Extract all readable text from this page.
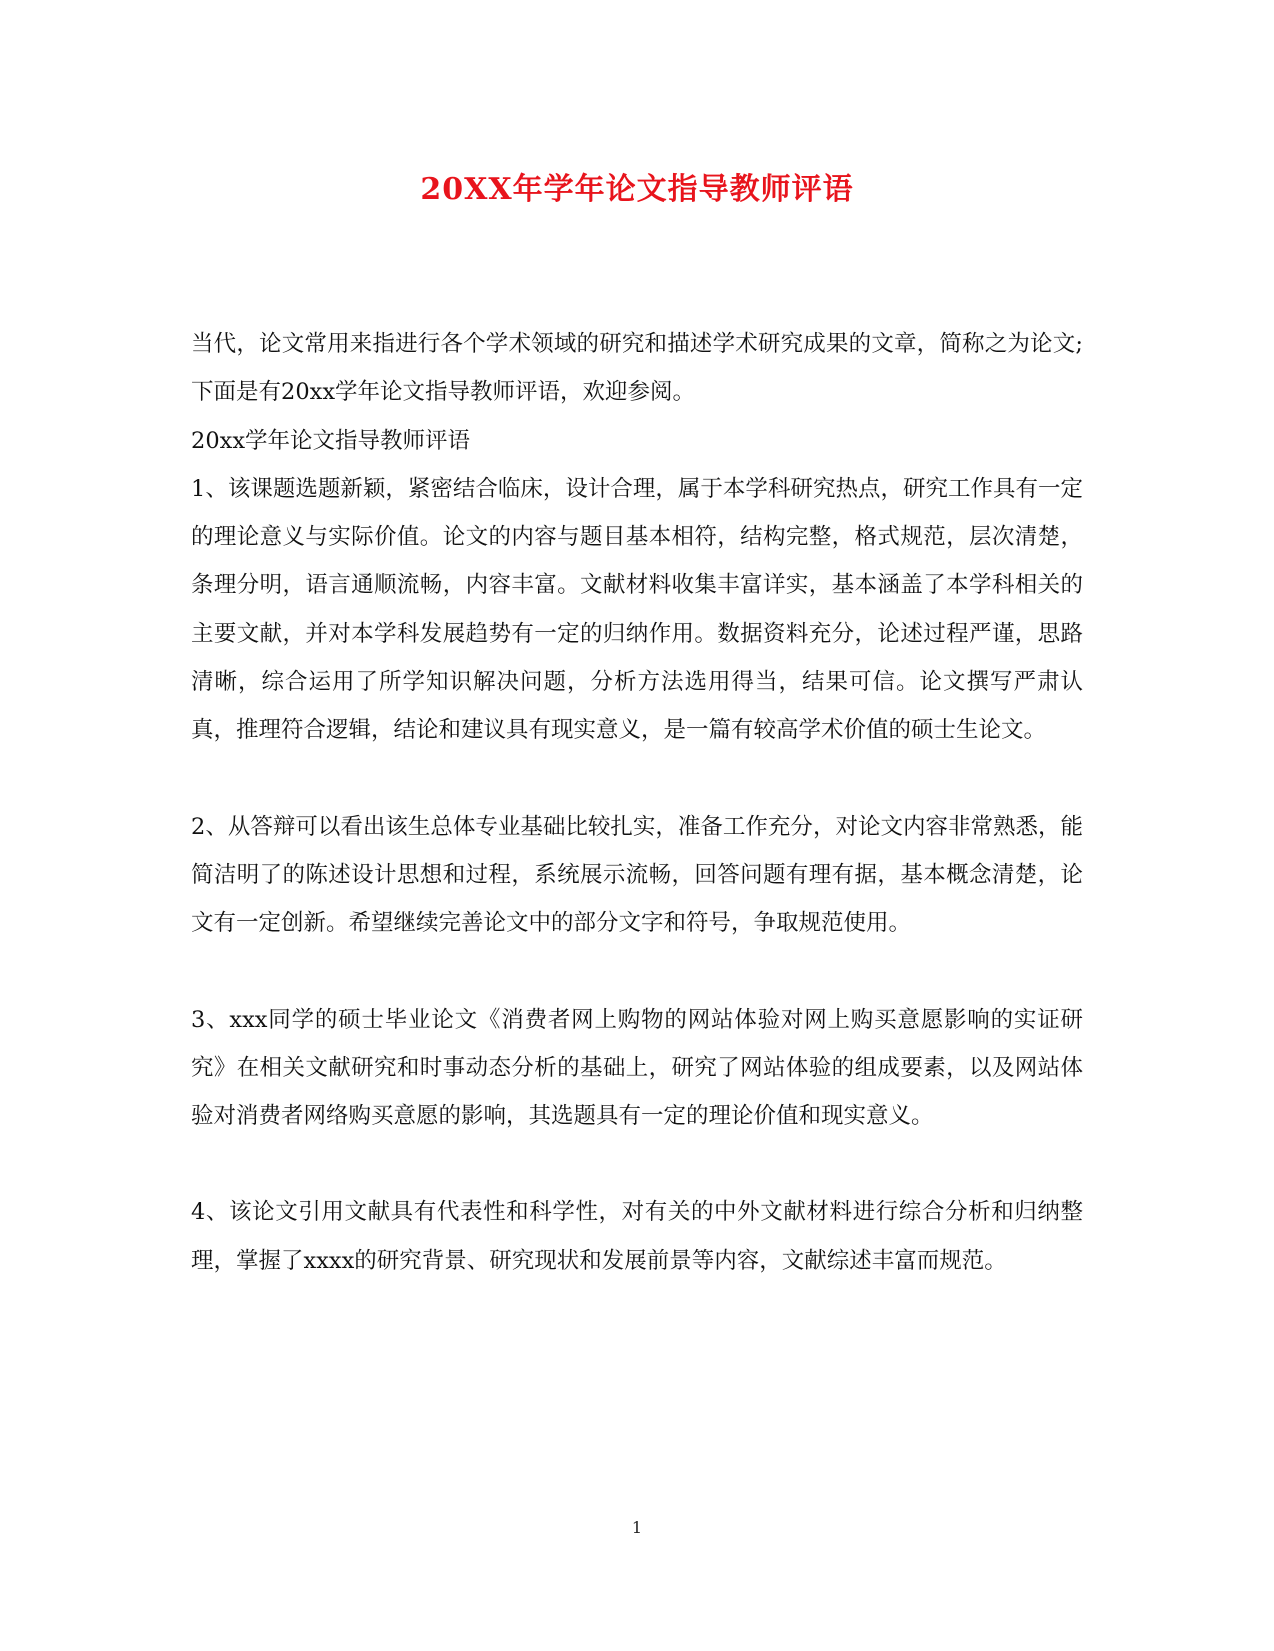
20XX年学年论文指导教师评语

当代，论文常用来指进行各个学术领域的研究和描述学术研究成果的文章，简称之为论文;下面是有20xx学年论文指导教师评语，欢迎参阅。

20xx学年论文指导教师评语

1、该课题选题新颖，紧密结合临床，设计合理，属于本学科研究热点，研究工作具有一定的理论意义与实际价值。论文的内容与题目基本相符，结构完整，格式规范，层次清楚，条理分明，语言通顺流畅，内容丰富。文献材料收集丰富详实，基本涵盖了本学科相关的主要文献，并对本学科发展趋势有一定的归纳作用。数据资料充分，论述过程严谨，思路清晰，综合运用了所学知识解决问题，分析方法选用得当，结果可信。论文撰写严肃认真，推理符合逻辑，结论和建议具有现实意义，是一篇有较高学术价值的硕士生论文。

2、从答辩可以看出该生总体专业基础比较扎实，准备工作充分，对论文内容非常熟悉，能简洁明了的陈述设计思想和过程，系统展示流畅，回答问题有理有据，基本概念清楚，论文有一定创新。希望继续完善论文中的部分文字和符号，争取规范使用。

3、xxx同学的硕士毕业论文《消费者网上购物的网站体验对网上购买意愿影响的实证研究》在相关文献研究和时事动态分析的基础上，研究了网站体验的组成要素，以及网站体验对消费者网络购买意愿的影响，其选题具有一定的理论价值和现实意义。

4、该论文引用文献具有代表性和科学性，对有关的中外文献材料进行综合分析和归纳整理，掌握了xxxx的研究背景、研究现状和发展前景等内容，文献综述丰富而规范。

1
